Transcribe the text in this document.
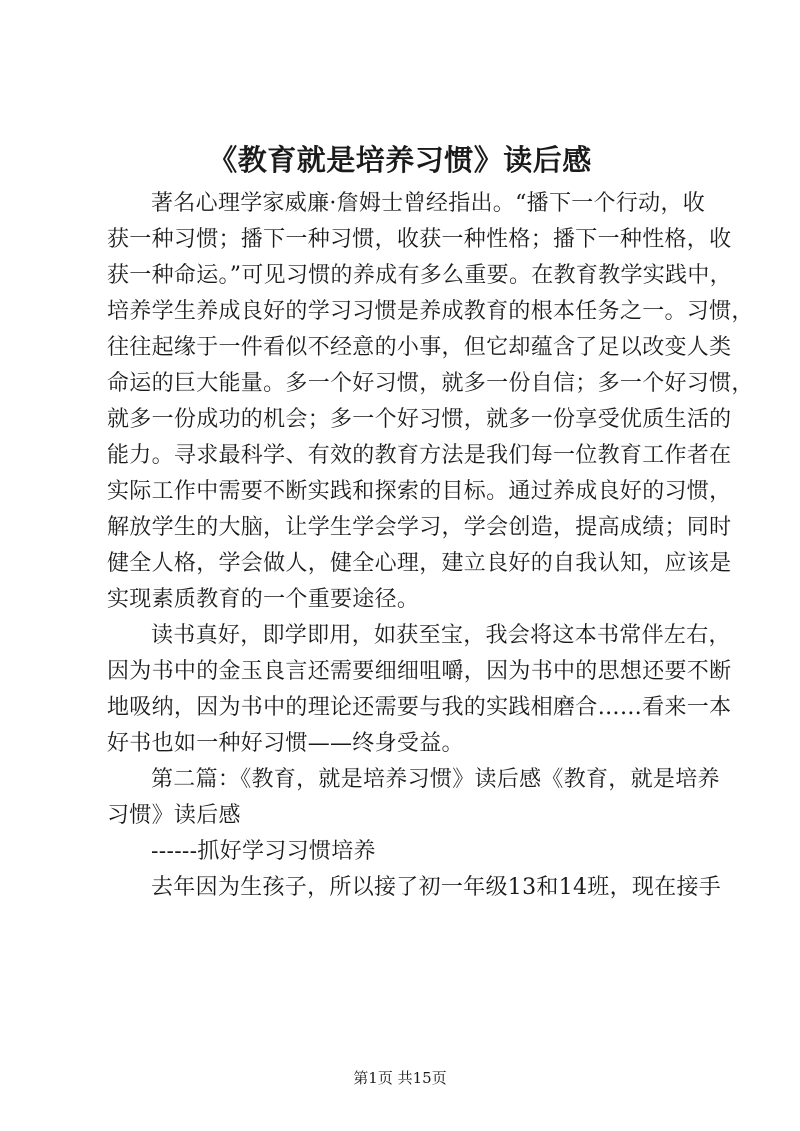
《教育就是培养习惯》读后感
著名心理学家威廉·詹姆士曾经指出。“播下一个行动，收
获一种习惯；播下一种习惯，收获一种性格；播下一种性格，收
获一种命运。”可见习惯的养成有多么重要。在教育教学实践中，
培养学生养成良好的学习习惯是养成教育的根本任务之一。习惯，
往往起缘于一件看似不经意的小事，但它却蕴含了足以改变人类
命运的巨大能量。多一个好习惯，就多一份自信；多一个好习惯，
就多一份成功的机会；多一个好习惯，就多一份享受优质生活的
能力。寻求最科学、有效的教育方法是我们每一位教育工作者在
实际工作中需要不断实践和探索的目标。通过养成良好的习惯，
解放学生的大脑，让学生学会学习，学会创造，提高成绩；同时
健全人格，学会做人，健全心理，建立良好的自我认知，应该是
实现素质教育的一个重要途径。
读书真好，即学即用，如获至宝，我会将这本书常伴左右，
因为书中的金玉良言还需要细细咀嚼，因为书中的思想还要不断
地吸纳，因为书中的理论还需要与我的实践相磨合……看来一本
好书也如一种好习惯——终身受益。
第二篇：《教育，就是培养习惯》读后感《教育，就是培养
习惯》读后感
------抓好学习习惯培养
去年因为生孩子，所以接了初一年级13和14班，现在接手
第1页 共15页
